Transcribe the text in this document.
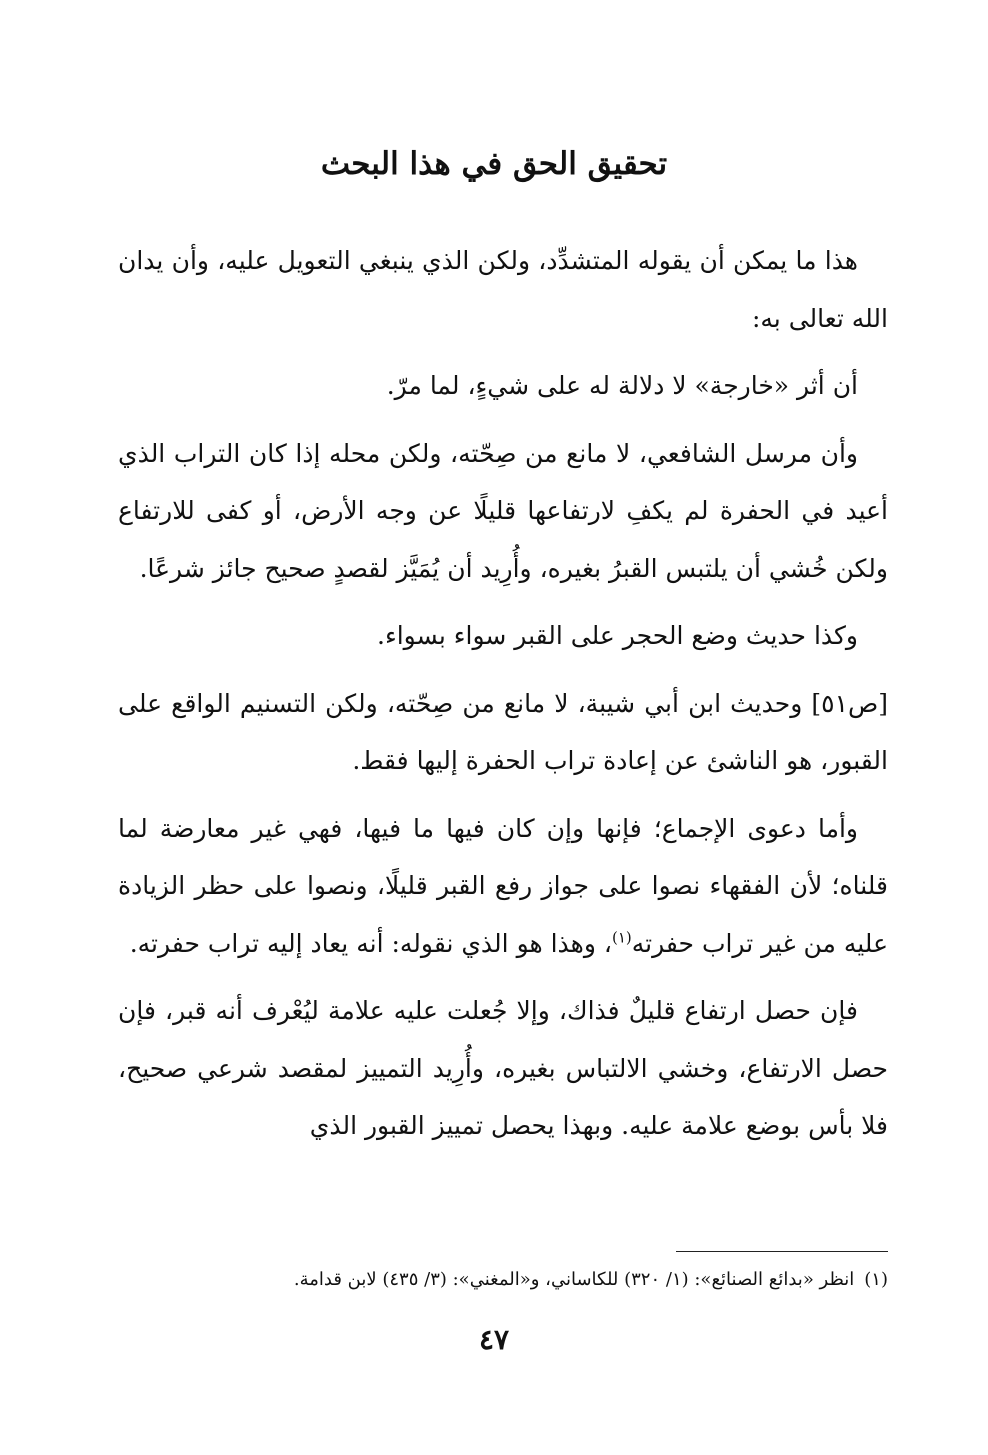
تحقيق الحق في هذا البحث

هذا ما يمكن أن يقوله المتشدِّد، ولكن الذي ينبغي التعويل عليه، وأن يدان الله تعالى به:

أن أثر «خارجة» لا دلالة له على شيءٍ، لما مرّ.

وأن مرسل الشافعي، لا مانع من صِحّته، ولكن محله إذا كان التراب الذي أعيد في الحفرة لم يكفِ لارتفاعها قليلًا عن وجه الأرض، أو كفى للارتفاع ولكن خُشي أن يلتبس القبرُ بغيره، وأُرِيد أن يُمَيَّز لقصدٍ صحيح جائز شرعًا.

وكذا حديث وضع الحجر على القبر سواء بسواء.

[ص٥١] وحديث ابن أبي شيبة، لا مانع من صِحّته، ولكن التسنيم الواقع على القبور، هو الناشئ عن إعادة تراب الحفرة إليها فقط.

وأما دعوى الإجماع؛ فإنها وإن كان فيها ما فيها، فهي غير معارضة لما قلناه؛ لأن الفقهاء نصوا على جواز رفع القبر قليلًا، ونصوا على حظر الزيادة عليه من غير تراب حفرته$^{(١)}$، وهذا هو الذي نقوله: أنه يعاد إليه تراب حفرته.

فإن حصل ارتفاع قليلٌ فذاك، وإلا جُعلت عليه علامة ليُعْرف أنه قبر، فإن حصل الارتفاع، وخشي الالتباس بغيره، وأُرِيد التمييز لمقصد شرعي صحيح، فلا بأس بوضع علامة عليه. وبهذا يحصل تمييز القبور الذي

(١)انظر «بدائع الصنائع»: (١/ ٣٢٠) للكاساني، و«المغني»: (٣/ ٤٣٥) لابن قدامة.
٤٧
